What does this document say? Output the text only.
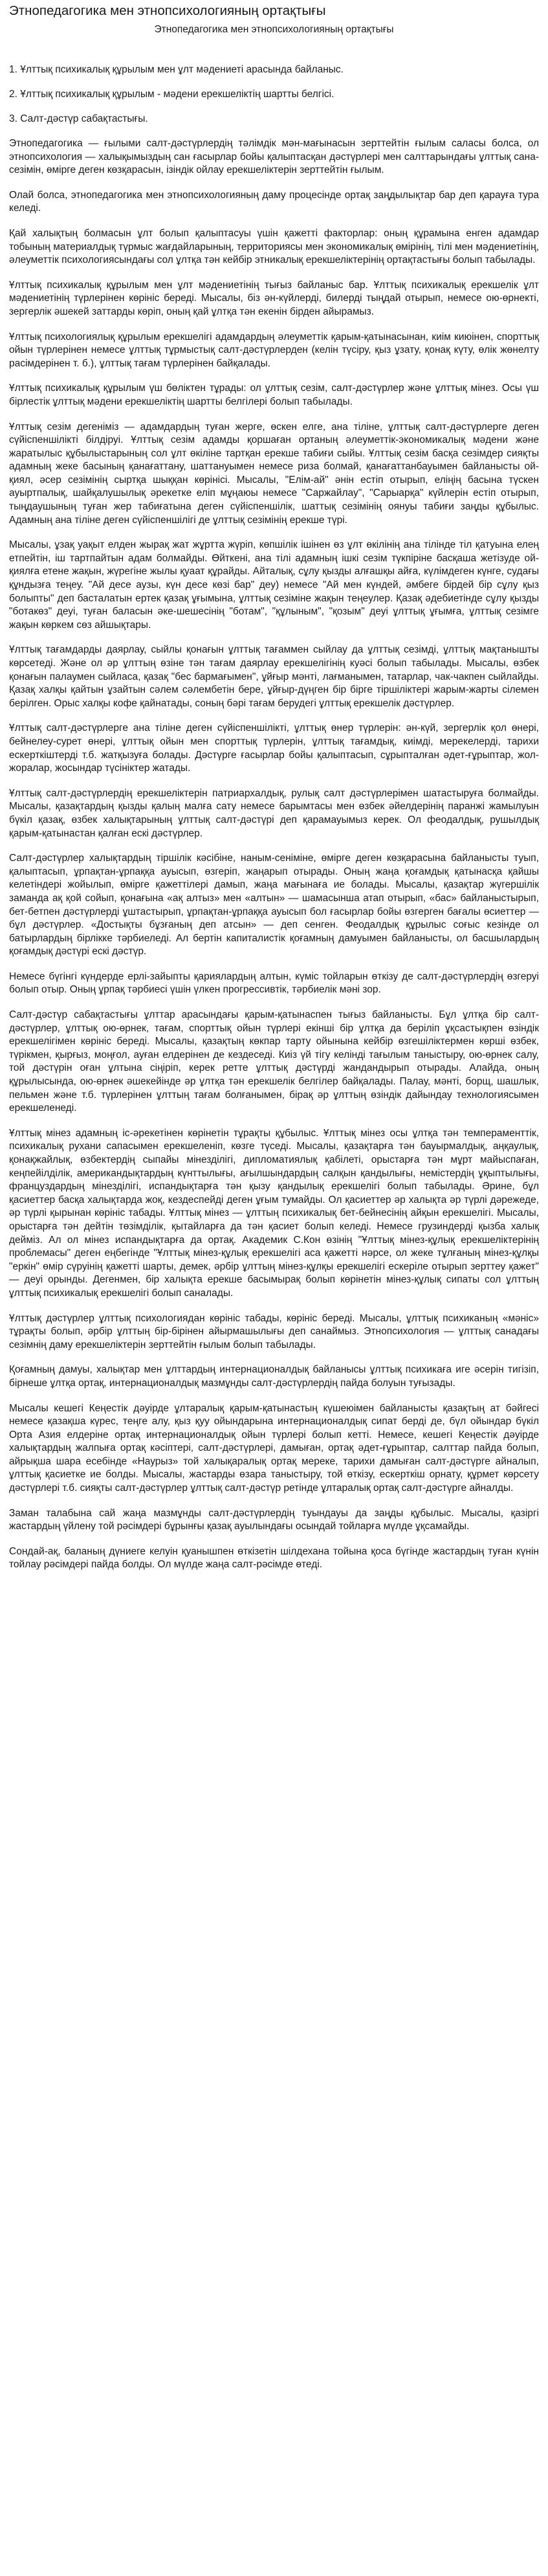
Этнопедагогика мен этнопсихологияның ортақтығы
Этнопедагогика мен этнопсихологияның ортақтығы
1. Ұлттық психикалық құрылым мен ұлт мәдениеті арасында байланыс.
2. Ұлттық психикалық құрылым - мәдени ерекшеліктің шартты белгісі.
3. Салт-дәстүр сабақтастығы.

Этнопедагогика — ғылыми салт-дәстүрлердің тәлімдік мән-мағынасын зерттейтін ғылым саласы болса, ол этнопсихология — халықымыздың сан ғасырлар бойы қалыптасқан дәстүрлері мен салттарындағы ұлттық сана-сезімін, өмірге деген көзқарасын, ізіндік ойлау ерекшеліктерін зерттейтін ғылым.

Олай болса, этнопедагогика мен этнопсихологияның даму процесінде ортақ заңдылықтар бар деп қарауға тура келеді.

Қай халықтың болмасын ұлт болып қалыптасуы үшін қажетті факторлар: оның құрамына енген адамдар тобының материалдық түрмыс жағдайларының, территориясы мен экономикалық өмірінің, тілі мен мәдениетінің, әлеуметтік психологиясындағы сол ұлтқа тән кейбір этникалық ерекшеліктерінің ортақтастығы болып табылады.

Ұлттық психикалық құрылым мен ұлт мәдениетінің тығыз байланыс бар. Ұлттық психикалық ерекшелік ұлт мәдениетінің түрлерінен көрініс береді. Мысалы, біз ән-күйлерді, билерді тыңдай отырып, немесе ою-өрнекті, зергерлік әшекей заттарды көріп, оның қай ұлтқа тән екенін бірден айырамыз.

Ұлттық психологиялық құрылым ерекшелігі адамдардың әлеуметтік қарым-қатынасынан, киім киюінен, спорттық ойын түрлерінен немесе ұлттық тұрмыстық салт-дәстүрлерден (келін түсіру, қыз ұзату, қонақ күту, өлік жөнелту расімдерінен т. б.), ұлттық тағам түрлерінен байқалады.

Ұлттық психикалық құрылым үш бөліктен тұрады: ол ұлттық сезім, салт-дәстүрлер және ұлттық мінез. Осы үш бірлестік ұлттық мәдени ерекшеліктің шартты белгілері болып табылады.

Ұлттық сезім дегеніміз — адамдардың туған жерге, өскен елге, ана тіліне, ұлттық салт-дәстүрлерге деген сүйіспеншілікті білдіруі. Ұлттық сезім адамды қоршаған ортаның әлеуметтік-экономикалық мәдени және жаратылыс құбылыстарының сол ұлт өкіліне тартқан ерекше табиғи сыйы. Ұлттық сезім басқа сезімдер сияқты адамның жеке басының қанағаттану, шаттануымен немесе риза болмай, қанағаттанбауымен байланысты ой-қиял, әсер сезімінің сыртқа шыққан көрінісі. Мысалы, "Елім-ай" әнін естіп отырып, еліңің басына түскен ауыртпалық, шайқалушылық әрекетке еліп мұңаюы немесе "Саржайлау", "Сарыарқа" күйлерін естіп отырып, тыңдаушының туған жер табиғатына деген сүйіспеншілік, шаттық сезімінің оянуы табиғи заңды құбылыс. Адамның ана тіліне деген сүйіспеншілігі де ұлттық сезімінің ерекше түрі.

Мысалы, ұзақ уақыт елден жырақ жат жұртта жүріп, көпшілік ішінен өз ұлт өкілінің ана тілінде тіл қатуына елең етпейтін, іш тартпайтын адам болмайды. Өйткені, ана тілі адамның ішкі сезім түкпіріне басқаша жетізуде ой-қиялға етене жақын, жүрегіне жылы қуаат құрайды. Айталық, сұлу қызды алғашқы айға, күлімдеген күнге, судағы құндызға теңеу. "Ай десе аузы, күн десе көзі бар" деу) немесе "Ай мен күндей, әмбеге бірдей бір сұлу қыз болыпты" деп басталатын ертек қазақ ұғымына, ұлттық сезіміне жақын теңеулер. Қазақ әдебиетінде сұлу қызды "ботакөз" деуі, туған баласын әке-шешесінің "ботам", "құлыным", "қозым" деуі ұлттық ұғымға, ұлттық сезімге жақын көркем сөз айшықтары.

Ұлттық тағамдарды даярлау, сыйлы қонағын ұлттық тағаммен сыйлау да ұлттық сезімді, ұлттық мақтанышты көрсетеді. Жәнe ол әр ұлттың өзіне тән тағам даярлау ерекшелігінің куәсі болып табылады. Мысалы, өзбек қонағын палаумен сыйласа, қазақ "бес бармағымен", ұйғыр мәнті, лағманымен, татарлар, чак-чакпен сыйлайды. Қазақ халқы қайтын ұзайтын сәлем сәлембетін бере, ұйғыр-дүңген бір бірге тіршіліктері жарым-жарты сілемен берілген. Орыс халқы кофе қайнатады, соның бәрі тағам берудегі ұлттық ерекшелік дәстүрлер.

Ұлттық салт-дәстүрлерге ана тіліне деген сүйіспеншілікті, ұлттық өнер түрлерін: ән-күй, зергерлік қол өнері, бейнелеу-сурет өнері, ұлттық ойын мен спорттық түрлерін, ұлттық тағамдық, киімді, мерекелерді, тарихи ескерткіштерді т.б. жатқызуға болады. Дәстүрге ғасырлар бойы қалыптасып, сұрыпталған әдет-ғұрыптар, жол-жоралар, жосындар түсініктер жатады.

Ұлттық салт-дәстүрлердің ерекшеліктерін патриархалдық, рулық салт дәстүрлерімен шатастыруға болмайды. Мысалы, қазақтардың қызды қалың малға сату немесе барымтасы мен өзбек әйелдерінің паранжі жамылуын бүкіл қазақ, өзбек халықтарының ұлттық салт-дәстүрі деп қарамауымыз керек. Ол феодалдық, рушылдық қарым-қатынастан қалған ескі дәстүрлер.

Салт-дәстүрлер халықтардың тіршілік кәсібіне, наным-сеніміне, өмірге деген көзқарасына байланысты туып, қалыптасып, ұрпақтан-ұрпаққа ауысып, өзгеріп, жаңарып отырады. Оның жаңа қоғамдық қатынасқа қайшы келетіндері жойылып, өмірге қажеттілері дамып, жаңа мағынаға ие болады. Мысалы, қазақтар жүгершілік заманда ақ қой сойып, қонағына «ақ алтыз» мен «алтын» — шамасынша атап отырып, «бас» байланыстырып, бет-бетпен дәстүрлерді ұштастырып, ұрпақтан-ұрпаққа ауысып бол ғасырлар бойы өзгерген бағалы өсиеттер — бұл дәстүрлер. «Достықты бұзғаның деп атсын» — деп сенген. Феодалдық құрылыс соғыс кезінде ол батырлардың бірлікке тәрбиеледі. Ал бертін капиталистік қоғамның дамуымен байланысты, ол басшылардың қоғамдық дәстүрі ескі дәстүр.

Немесе бүгінгі күндерде ерлі-зайыпты қариялардың алтын, күміс тойларын өткізу де салт-дәстүрлердің өзгеруі болып отыр. Оның ұрпақ тәрбиесі үшін үлкен прогрессивтік, тәрбиелік мәні зор.

Салт-дәстүр сабақтастығы ұлттар арасындағы қарым-қатынаспен тығыз байланысты. Бұл ұлтқа бір салт-дәстүрлер, ұлттық ою-өрнек, тағам, спорттық ойын түрлері екінші бір ұлтқа да беріліп ұқсастықпен өзіндік ерекшелігімен көрініс береді. Мысалы, қазақтың көкпар тарту ойынына кейбір өзгешіліктермен көрші өзбек, түрікмен, қырғыз, моңғол, ауған елдерінен де кездеседі. Киіз үй тігу келінді тағылым таныстыру, ою-өрнек салу, той дәстүрін оған ұлтына сіңіріп, керек ретте ұлттық дәстүрді жандандырып отырады. Алайда, оның құрылысында, ою-өрнек әшекейінде әр ұлтқа тән ерекшелік белгілер байқалады. Палау, мәнті, борщ, шашлык, пельмен және т.б. түрлерінен ұлттың тағам болғанымен, бірақ әр ұлттың өзіндік дайындау технологиясымен ерекшеленеді.

Ұлттық мінез адамның іс-әрекетінен көрінетін тұрақты құбылыс. Ұлттық мінез осы ұлтқа тән темпераменттік, психикалық рухани сапасымен ерекшеленіп, көзге түседі. Мысалы, қазақтарға тән бауырмалдық, аңқаулық, қонақжайлық, өзбектердің сыпайы мінезділігі, дипломатиялық қабілеті, орыстарға тән мұрт майыспаған, кеңпейілділік, американдықтардың күнттылығы, ағылшындардың салқын қандылығы, немістердің ұқыптылығы, француздардың мінезділігі, испандықтарға тән қызу қандылық ерекшелігі болып табылады. Әрине, бұл қасиеттер басқа халықтарда жоқ, кездеспейді деген ұғым тумайды. Ол қасиеттер әр халықта әр түрлі дәрежеде, әр түрлі қырынан көрініс табады. Ұлттық мінез — ұлттың психикалық бет-бейнесінің айқын ерекшелігі. Мысалы, орыстарға тән дейтін төзімділік, қытайларға да тән қасиет болып келеді. Немесе грузиндерді қызба халық дейміз. Ал ол мінез испандықтарға да ортақ. Академик С.Кон өзінің "Ұлттық мінез-құлық ерекшеліктерінің проблемасы" деген еңбегінде "Ұлттық мінез-құлық ерекшелігі аса қажетті нәрсе, ол жеке тұлғаның мінез-құлқы "еркін" өмір сүруінің қажетті шарты, демек, әрбір ұлттың мінез-құлқы ерекшелігі ескеріле отырып зерттеу қажет" — деуі орынды. Дегенмен, бір халықта ерекше басымырақ болып көрінетін мінез-құлық сипаты сол ұлттың ұлттық психикалық ерекшелігі болып саналады.

Ұлттық дәстүрлер ұлттық психологиядан көрініс табады, көрініс береді. Мысалы, ұлттық психиканың «мәніс» тұрақты болып, әрбір ұлттың бір-бірінен айырмашылығы деп санаймыз. Этнопсихология — ұлттық санадағы сезімнің даму ерекшеліктерін зерттейтін ғылым болып табылады.

Қоғамның дамуы, халықтар мен ұлттардың интернационалдық байланысы ұлттық психикаға иге әсерін тигізіп, бірнеше ұлтқа ортақ, интернационалдық мазмұнды салт-дәстүрлердің пайда болуын туғызады.

Мысалы кешегі Кеңестік дәуірде ұлтаралық қарым-қатынастың күшеюімен байланысты қазақтың ат бәйгесі немесе қазақша күрес, теңге алу, қыз қуу ойындарына интернационалдық сипат берді де, бүл ойындар бүкіл Орта Азия елдеріне ортақ интернационалдық ойын түрлері болып кетті. Немесе, кешегі Кеңестік дәуірде халықтардың жалпыға ортақ кәсіптері, салт-дәстүрлері, дамыған, ортақ әдет-ғұрыптар, салттар пайда болып, айрықша шара есебінде «Наурыз» той халықаралық ортақ мереке, тарихи дамыған салт-дәстүрге айналып, ұлттық қасиетке ие болды. Мысалы, жастарды өзара таныстыру, той өткізу, ескерткіш орнату, құрмет көрсету дәстүрлері т.б. сияқты салт-дәстүрлер ұлттық салт-дәстүр ретінде ұлтаралық ортақ салт-дәстүрге айналды.

Заман талабына сай жаңа мазмұнды салт-дәстүрлердің туындауы да заңды құбылыс. Мысалы, қазіргі жастардың үйлену той рәсімдері бұрынғы қазақ ауылындағы осындай тойларға мүлде ұқсамайды.

Сондай-ақ, баланың дүниеге келуін қуанышпен өткізетін шілдехана тойына қоса бүгінде жастардың туған күнін тойлау рәсімдері пайда болды. Ол мүлде жаңа салт-рәсімде өтеді.
